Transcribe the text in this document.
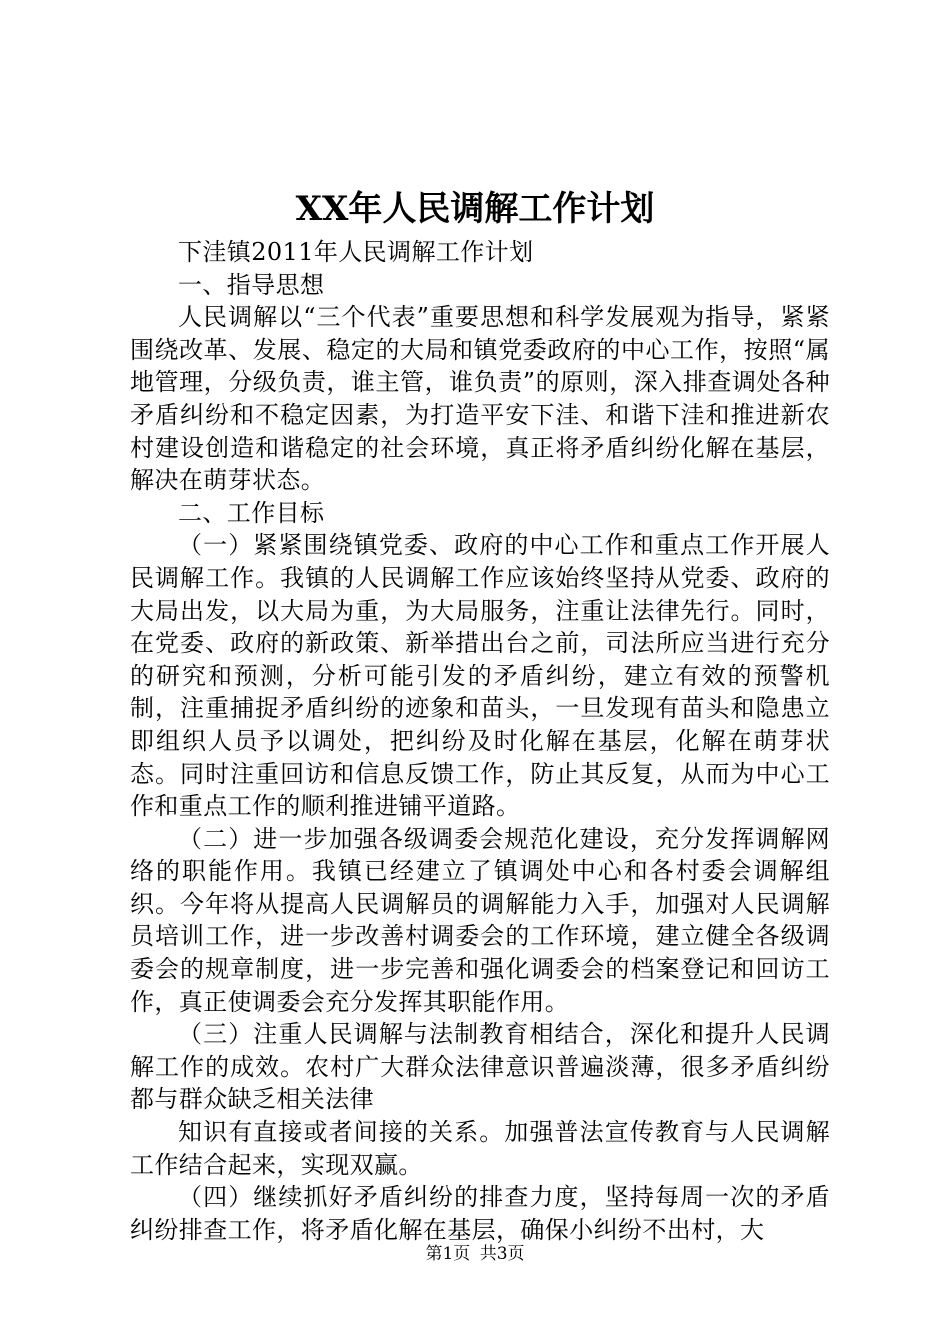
XX年人民调解工作计划

下洼镇2011年人民调解工作计划

一、指导思想

人民调解以“三个代表”重要思想和科学发展观为指导，紧紧围绕改革、发展、稳定的大局和镇党委政府的中心工作，按照“属地管理，分级负责，谁主管，谁负责”的原则，深入排查调处各种矛盾纠纷和不稳定因素，为打造平安下洼、和谐下洼和推进新农村建设创造和谐稳定的社会环境，真正将矛盾纠纷化解在基层，解决在萌芽状态。

二、工作目标

（一）紧紧围绕镇党委、政府的中心工作和重点工作开展人民调解工作。我镇的人民调解工作应该始终坚持从党委、政府的大局出发，以大局为重，为大局服务，注重让法律先行。同时，在党委、政府的新政策、新举措出台之前，司法所应当进行充分的研究和预测，分析可能引发的矛盾纠纷，建立有效的预警机制，注重捕捉矛盾纠纷的迹象和苗头，一旦发现有苗头和隐患立即组织人员予以调处，把纠纷及时化解在基层，化解在萌芽状态。同时注重回访和信息反馈工作，防止其反复，从而为中心工作和重点工作的顺利推进铺平道路。

（二）进一步加强各级调委会规范化建设，充分发挥调解网络的职能作用。我镇已经建立了镇调处中心和各村委会调解组织。今年将从提高人民调解员的调解能力入手，加强对人民调解员培训工作，进一步改善村调委会的工作环境，建立健全各级调委会的规章制度，进一步完善和强化调委会的档案登记和回访工作，真正使调委会充分发挥其职能作用。

（三）注重人民调解与法制教育相结合，深化和提升人民调解工作的成效。农村广大群众法律意识普遍淡薄，很多矛盾纠纷都与群众缺乏相关法律

知识有直接或者间接的关系。加强普法宣传教育与人民调解工作结合起来，实现双赢。

（四）继续抓好矛盾纠纷的排查力度，坚持每周一次的矛盾纠纷排查工作，将矛盾化解在基层，确保小纠纷不出村，大

第1页 共3页
